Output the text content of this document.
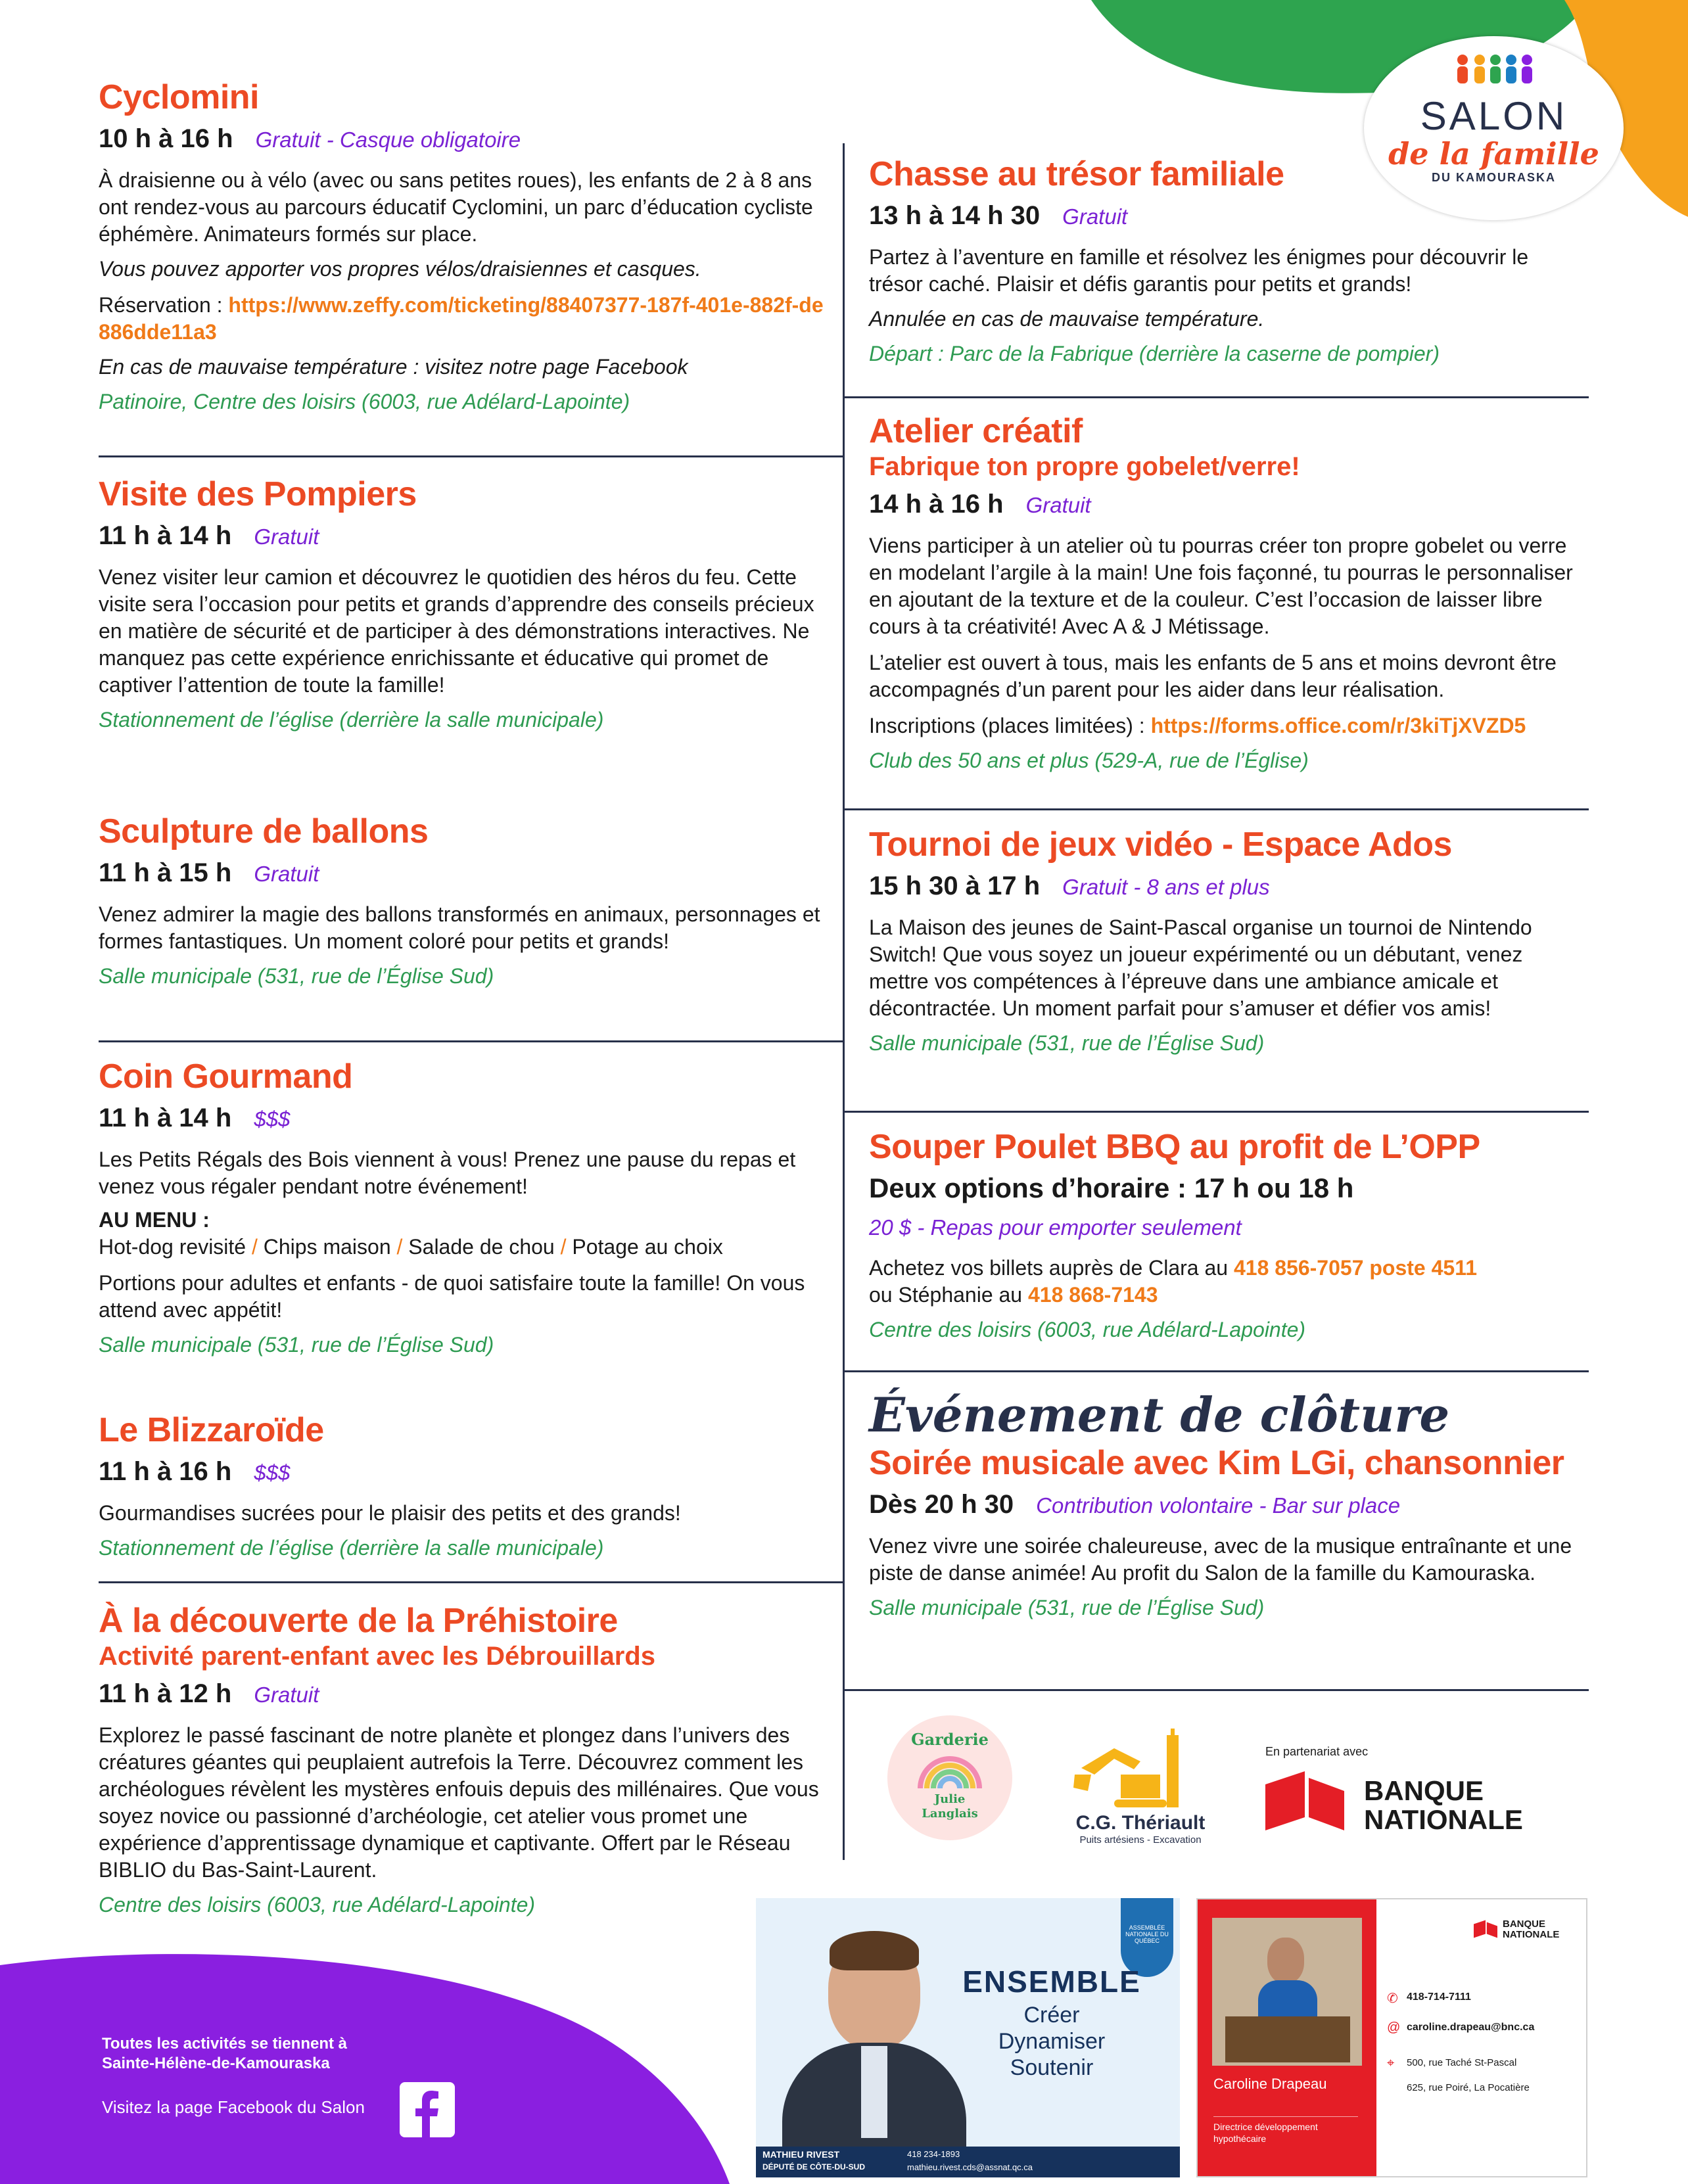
SALON
de la famille
DU KAMOURASKA
Cyclomini
10 h à 16 h Gratuit - Casque obligatoire
À draisienne ou à vélo (avec ou sans petites roues), les enfants de 2 à 8 ans ont rendez-vous au parcours éducatif Cyclomini, un parc d’éducation cycliste éphémère. Animateurs formés sur place.
Vous pouvez apporter vos propres vélos/draisiennes et casques.
Réservation : https://www.zeffy.com/ticketing/88407377-187f-401e-882f-de886dde11a3
En cas de mauvaise température : visitez notre page Facebook
Patinoire, Centre des loisirs (6003, rue Adélard-Lapointe)
Visite des Pompiers
11 h à 14 h Gratuit
Venez visiter leur camion et découvrez le quotidien des héros du feu. Cette visite sera l’occasion pour petits et grands d’apprendre des conseils précieux en matière de sécurité et de participer à des démonstrations interactives. Ne manquez pas cette expérience enrichissante et éducative qui promet de captiver l’attention de toute la famille!
Stationnement de l’église (derrière la salle municipale)
Sculpture de ballons
11 h à 15 h Gratuit
Venez admirer la magie des ballons transformés en animaux, personnages et formes fantastiques. Un moment coloré pour petits et grands!
Salle municipale (531, rue de l’Église Sud)
Coin Gourmand
11 h à 14 h $$$
Les Petits Régals des Bois viennent à vous! Prenez une pause du repas et venez vous régaler pendant notre événement!
AU MENU :
Hot-dog revisité / Chips maison / Salade de chou / Potage au choix
Portions pour adultes et enfants - de quoi satisfaire toute la famille! On vous attend avec appétit!
Salle municipale (531, rue de l’Église Sud)
Le Blizzaroïde
11 h à 16 h $$$
Gourmandises sucrées pour le plaisir des petits et des grands!
Stationnement de l’église (derrière la salle municipale)
À la découverte de la Préhistoire
Activité parent-enfant avec les Débrouillards
11 h à 12 h Gratuit
Explorez le passé fascinant de notre planète et plongez dans l’univers des créatures géantes qui peuplaient autrefois la Terre. Découvrez comment les archéologues révèlent les mystères enfouis depuis des millénaires. Que vous soyez novice ou passionné d’archéologie, cet atelier vous promet une expérience d’apprentissage dynamique et captivante. Offert par le Réseau BIBLIO du Bas-Saint-Laurent.
Centre des loisirs (6003, rue Adélard-Lapointe)
Chasse au trésor familiale
13 h à 14 h 30 Gratuit
Partez à l’aventure en famille et résolvez les énigmes pour découvrir le trésor caché. Plaisir et défis garantis pour petits et grands!
Annulée en cas de mauvaise température.
Départ : Parc de la Fabrique (derrière la caserne de pompier)
Atelier créatif
Fabrique ton propre gobelet/verre!
14 h à 16 h Gratuit
Viens participer à un atelier où tu pourras créer ton propre gobelet ou verre en modelant l’argile à la main! Une fois façonné, tu pourras le personnaliser en ajoutant de la texture et de la couleur. C’est l’occasion de laisser libre cours à ta créativité! Avec A & J Métissage.
L’atelier est ouvert à tous, mais les enfants de 5 ans et moins devront être accompagnés d’un parent pour les aider dans leur réalisation.
Inscriptions (places limitées) : https://forms.office.com/r/3kiTjXVZD5
Club des 50 ans et plus (529-A, rue de l’Église)
Tournoi de jeux vidéo - Espace Ados
15 h 30 à 17 h Gratuit - 8 ans et plus
La Maison des jeunes de Saint-Pascal organise un tournoi de Nintendo Switch! Que vous soyez un joueur expérimenté ou un débutant, venez mettre vos compétences à l’épreuve dans une ambiance amicale et décontractée. Un moment parfait pour s’amuser et défier vos amis!
Salle municipale (531, rue de l’Église Sud)
Souper Poulet BBQ au profit de L’OPP
Deux options d’horaire : 17 h ou 18 h
20 $ - Repas pour emporter seulement
Achetez vos billets auprès de Clara au 418 856-7057 poste 4511
ou Stéphanie au 418 868-7143
Centre des loisirs (6003, rue Adélard-Lapointe)
Événement de clôture
Soirée musicale avec Kim LGi, chansonnier
Dès 20 h 30 Contribution volontaire - Bar sur place
Venez vivre une soirée chaleureuse, avec de la musique entraînante et une piste de danse animée! Au profit du Salon de la famille du Kamouraska.
Salle municipale (531, rue de l’Église Sud)
Garderie
Julie
Langlais	C.G. Thériault
Puits artésiens - Excavation
En partenariat avec
BANQUE
NATIONALE
Toutes les activités se tiennent à
Sainte-Hélène-de-Kamouraska
Visitez la page Facebook du Salon
ASSEMBLÉE NATIONALE DU QUÉBEC
ENSEMBLE
Créer
Dynamiser
Soutenir
MATHIEU RIVEST
DÉPUTÉ DE CÔTE-DU-SUD
418 234-1893
mathieu.rivest.cds@assnat.qc.ca
Caroline Drapeau
Directrice développement hypothécaire
BANQUE
NATIONALE
✆ 418-714-7111
@ caroline.drapeau@bnc.ca
⌖ 500, rue Taché St-Pascal
625, rue Poiré, La Pocatière
